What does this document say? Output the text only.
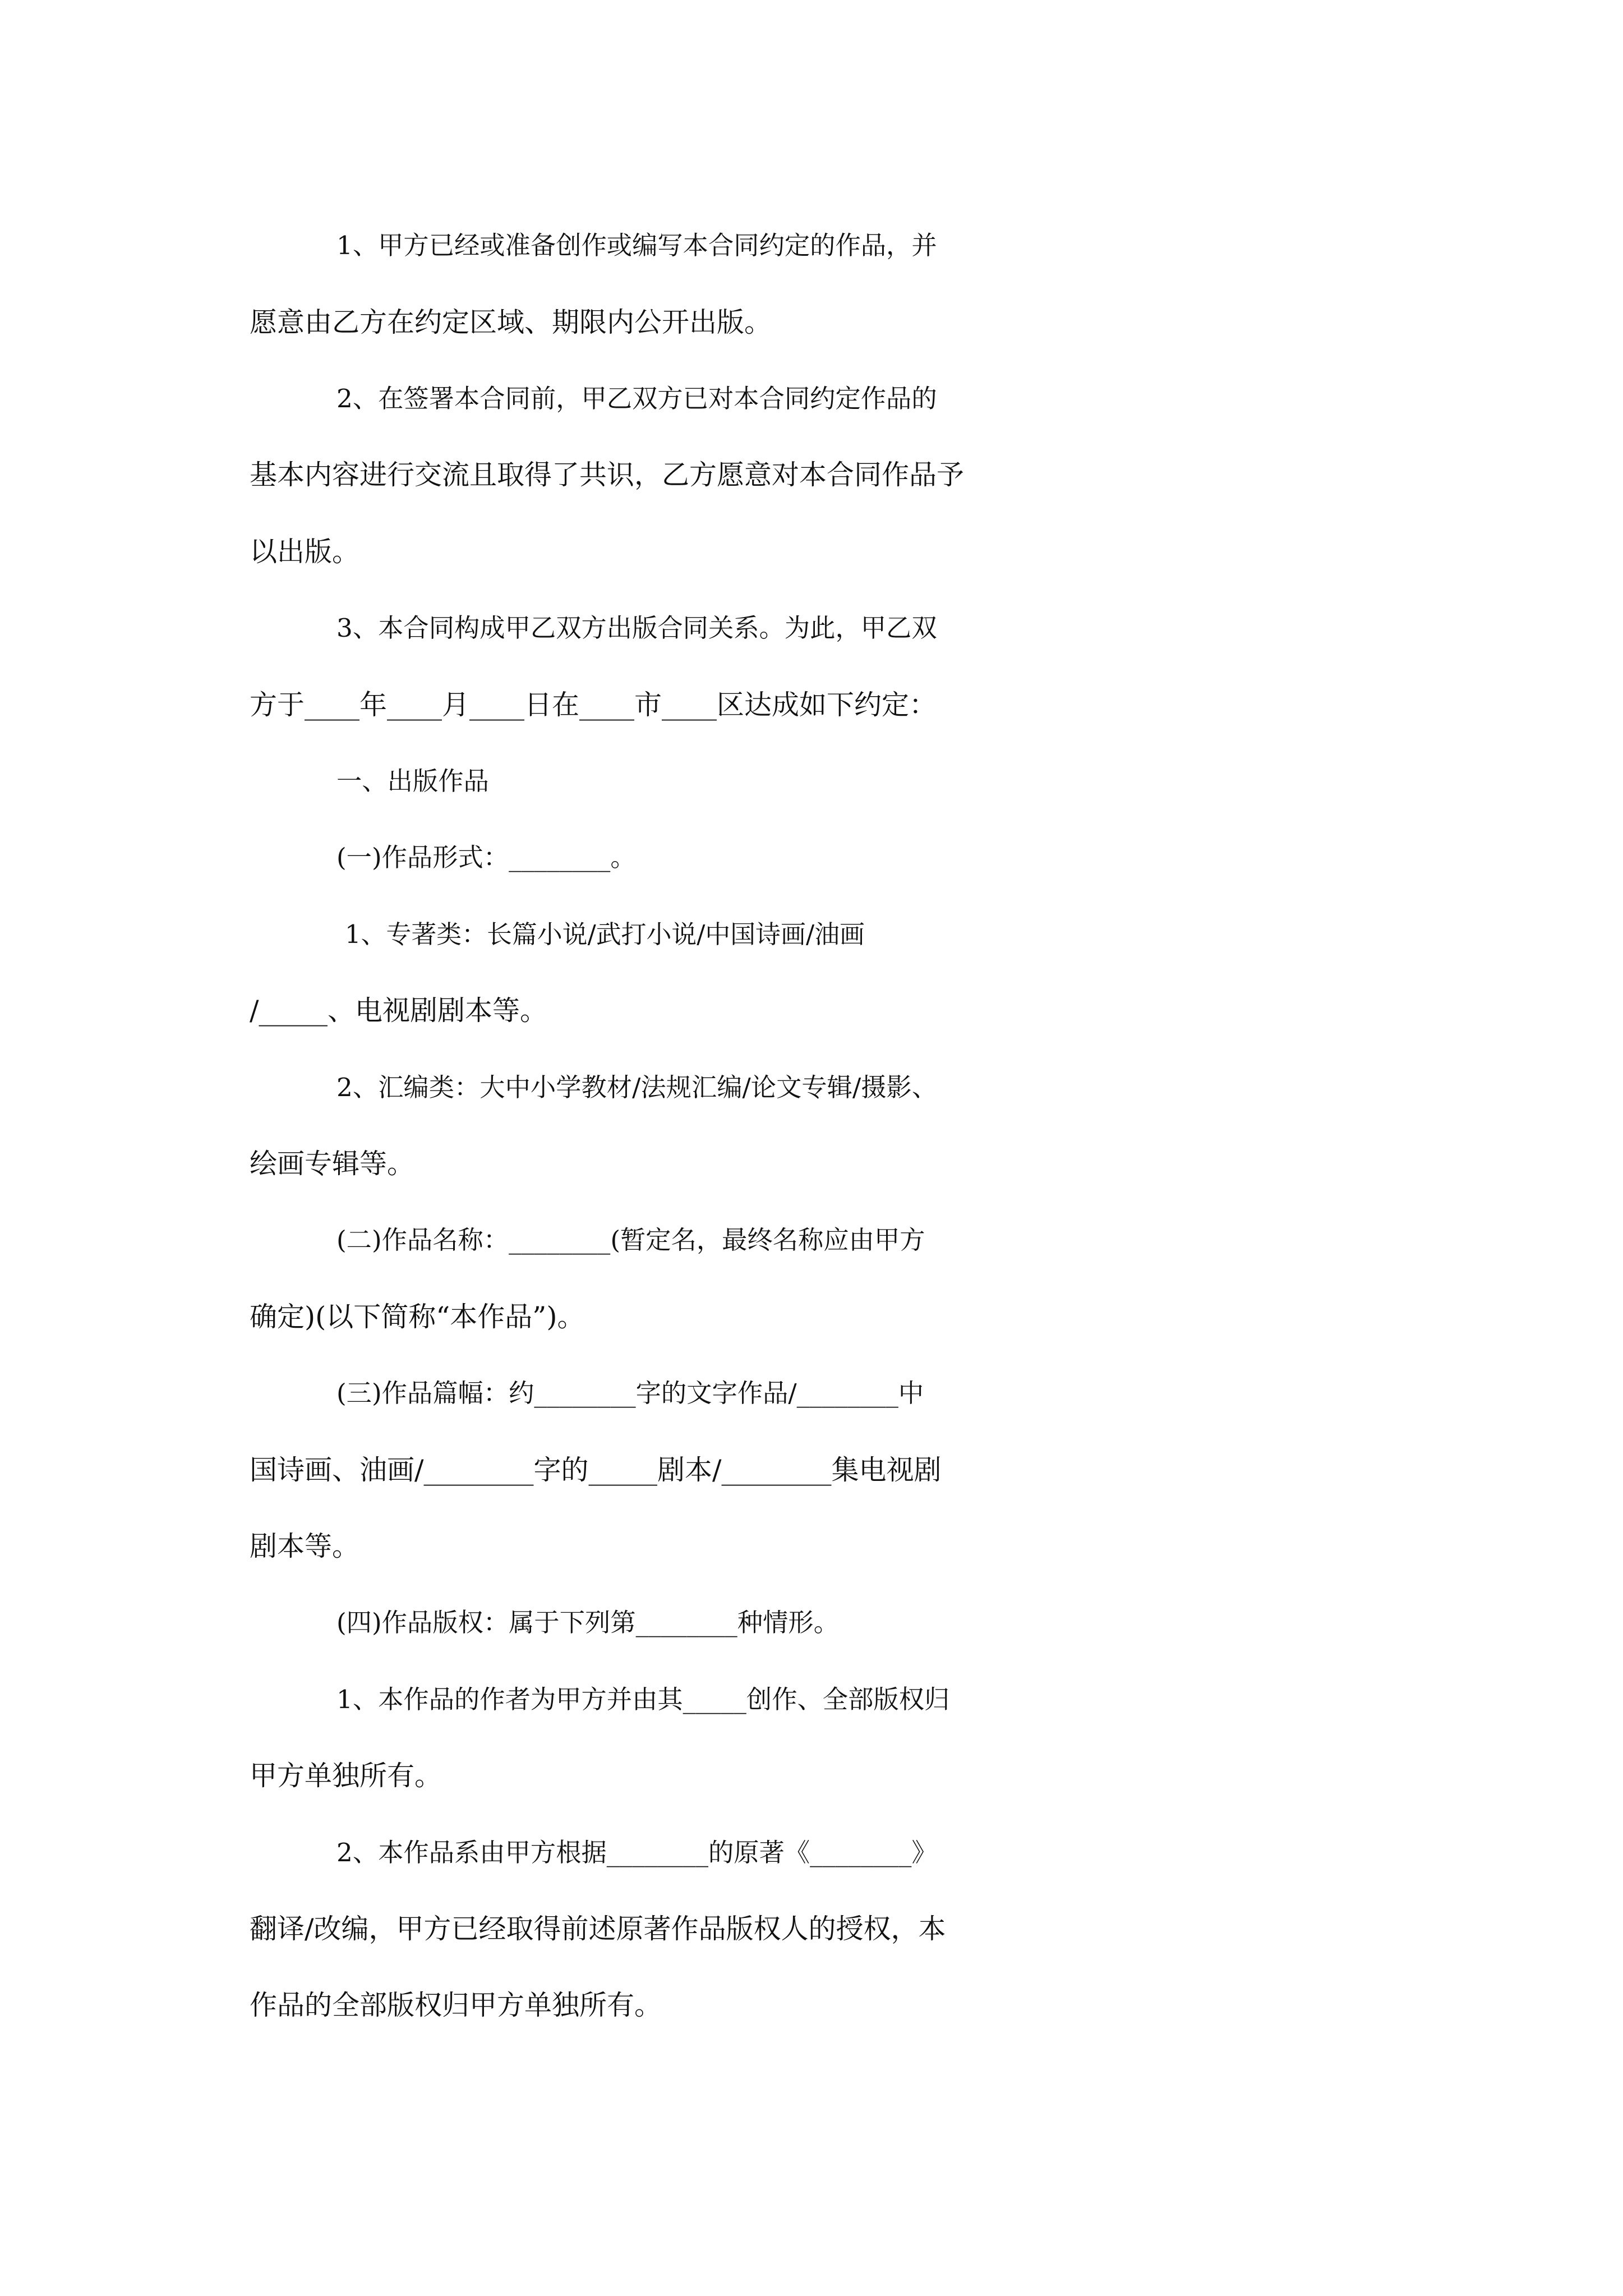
1、甲方已经或准备创作或编写本合同约定的作品，并

愿意由乙方在约定区域、期限内公开出版。

2、在签署本合同前，甲乙双方已对本合同约定作品的

基本内容进行交流且取得了共识，乙方愿意对本合同作品予

以出版。

3、本合同构成甲乙双方出版合同关系。为此，甲乙双

方于____年____月____日在____市____区达成如下约定：

一、出版作品

(一)作品形式：________。

1、专著类：长篇小说/武打小说/中国诗画/油画

/_____、电视剧剧本等。

2、汇编类：大中小学教材/法规汇编/论文专辑/摄影、

绘画专辑等。

(二)作品名称：________(暂定名，最终名称应由甲方

确定)(以下简称“本作品”)。

(三)作品篇幅：约________字的文字作品/________中

国诗画、油画/________字的_____剧本/________集电视剧

剧本等。

(四)作品版权：属于下列第________种情形。

1、本作品的作者为甲方并由其_____创作、全部版权归

甲方单独所有。

2、本作品系由甲方根据________的原著《________》

翻译/改编，甲方已经取得前述原著作品版权人的授权，本

作品的全部版权归甲方单独所有。
